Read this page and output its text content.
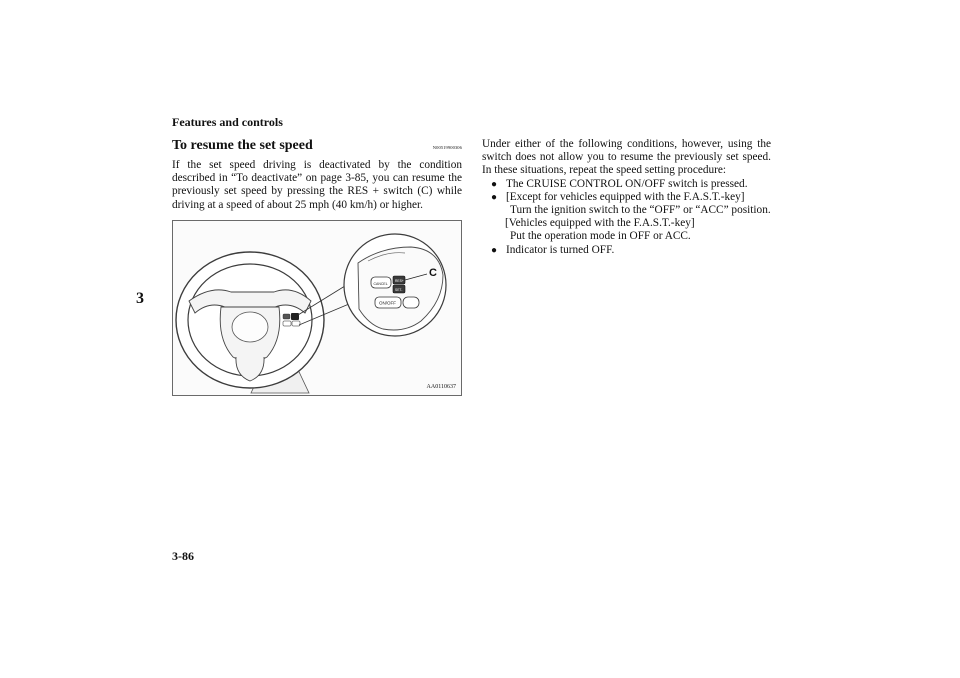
Features and controls
3
To resume the set speed	N00519900306

If the set speed driving is deactivated by the condition described in “To deactivate” on page 3-85, you can resume the previously set speed by pressing the RES + switch (C) while driving at a speed of about 25 mph (40 km/h) or higher.

CANCEL
RES+
SET-
ON/OFF
C
AA0110637

Under either of the following conditions, however, using the switch does not allow you to resume the previously set speed. In these situations, repeat the speed setting procedure:

● The CRUISE CONTROL ON/OFF switch is pressed.
● [Except for vehicles equipped with the F.A.S.T.-key]
Turn the ignition switch to the “OFF” or “ACC” position.
[Vehicles equipped with the F.A.S.T.-key]
Put the operation mode in OFF or ACC.
● Indicator is turned OFF.
3-86
